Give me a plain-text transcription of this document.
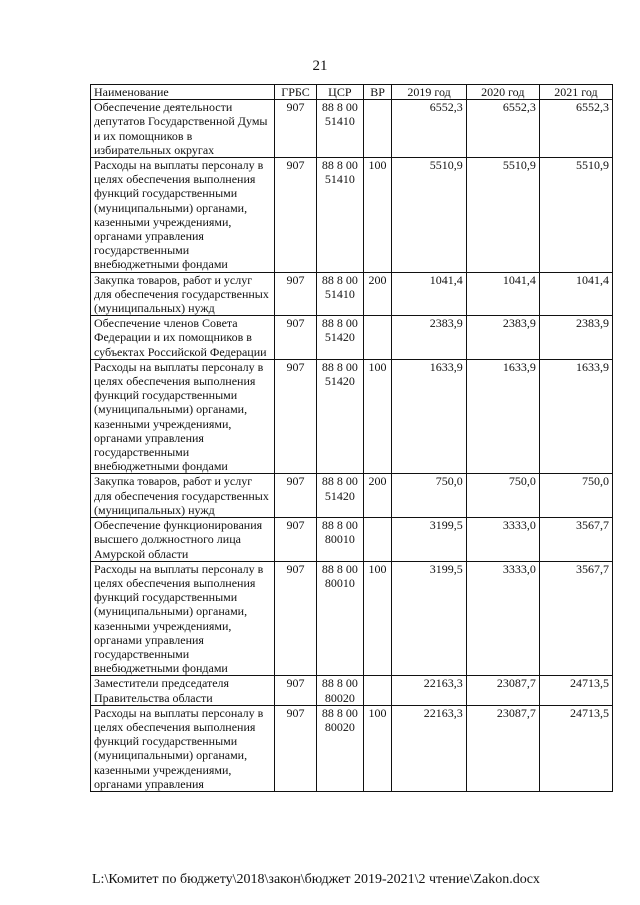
21
Наименование	ГРБС	ЦСР	ВР	2019 год	2020 год	2021 год
Обеспечение деятельности депутатов Государственной Думы и их помощников в избирательных округах	907	88 8 00 51410		6552,3	6552,3	6552,3
Расходы на выплаты персоналу в целях обеспечения выполнения функций государственными (муниципальными) органами, казенными учреждениями, органами управления государственными внебюджетными фондами	907	88 8 00 51410	100	5510,9	5510,9	5510,9
Закупка товаров, работ и услуг для обеспечения государственных (муниципальных) нужд	907	88 8 00 51410	200	1041,4	1041,4	1041,4
Обеспечение членов Совета Федерации и их помощников в субъектах Российской Федерации	907	88 8 00 51420		2383,9	2383,9	2383,9
Расходы на выплаты персоналу в целях обеспечения выполнения функций государственными (муниципальными) органами, казенными учреждениями, органами управления государственными внебюджетными фондами	907	88 8 00 51420	100	1633,9	1633,9	1633,9
Закупка товаров, работ и услуг для обеспечения государственных (муниципальных) нужд	907	88 8 00 51420	200	750,0	750,0	750,0
Обеспечение функционирования высшего должностного лица Амурской области	907	88 8 00 80010		3199,5	3333,0	3567,7
Расходы на выплаты персоналу в целях обеспечения выполнения функций государственными (муниципальными) органами, казенными учреждениями, органами управления государственными внебюджетными фондами	907	88 8 00 80010	100	3199,5	3333,0	3567,7
Заместители председателя Правительства области	907	88 8 00 80020		22163,3	23087,7	24713,5
Расходы на выплаты персоналу в целях обеспечения выполнения функций государственными (муниципальными) органами, казенными учреждениями, органами управления	907	88 8 00 80020	100	22163,3	23087,7	24713,5
L:\Комитет по бюджету\2018\закон\бюджет 2019-2021\2 чтение\Zakon.docx
